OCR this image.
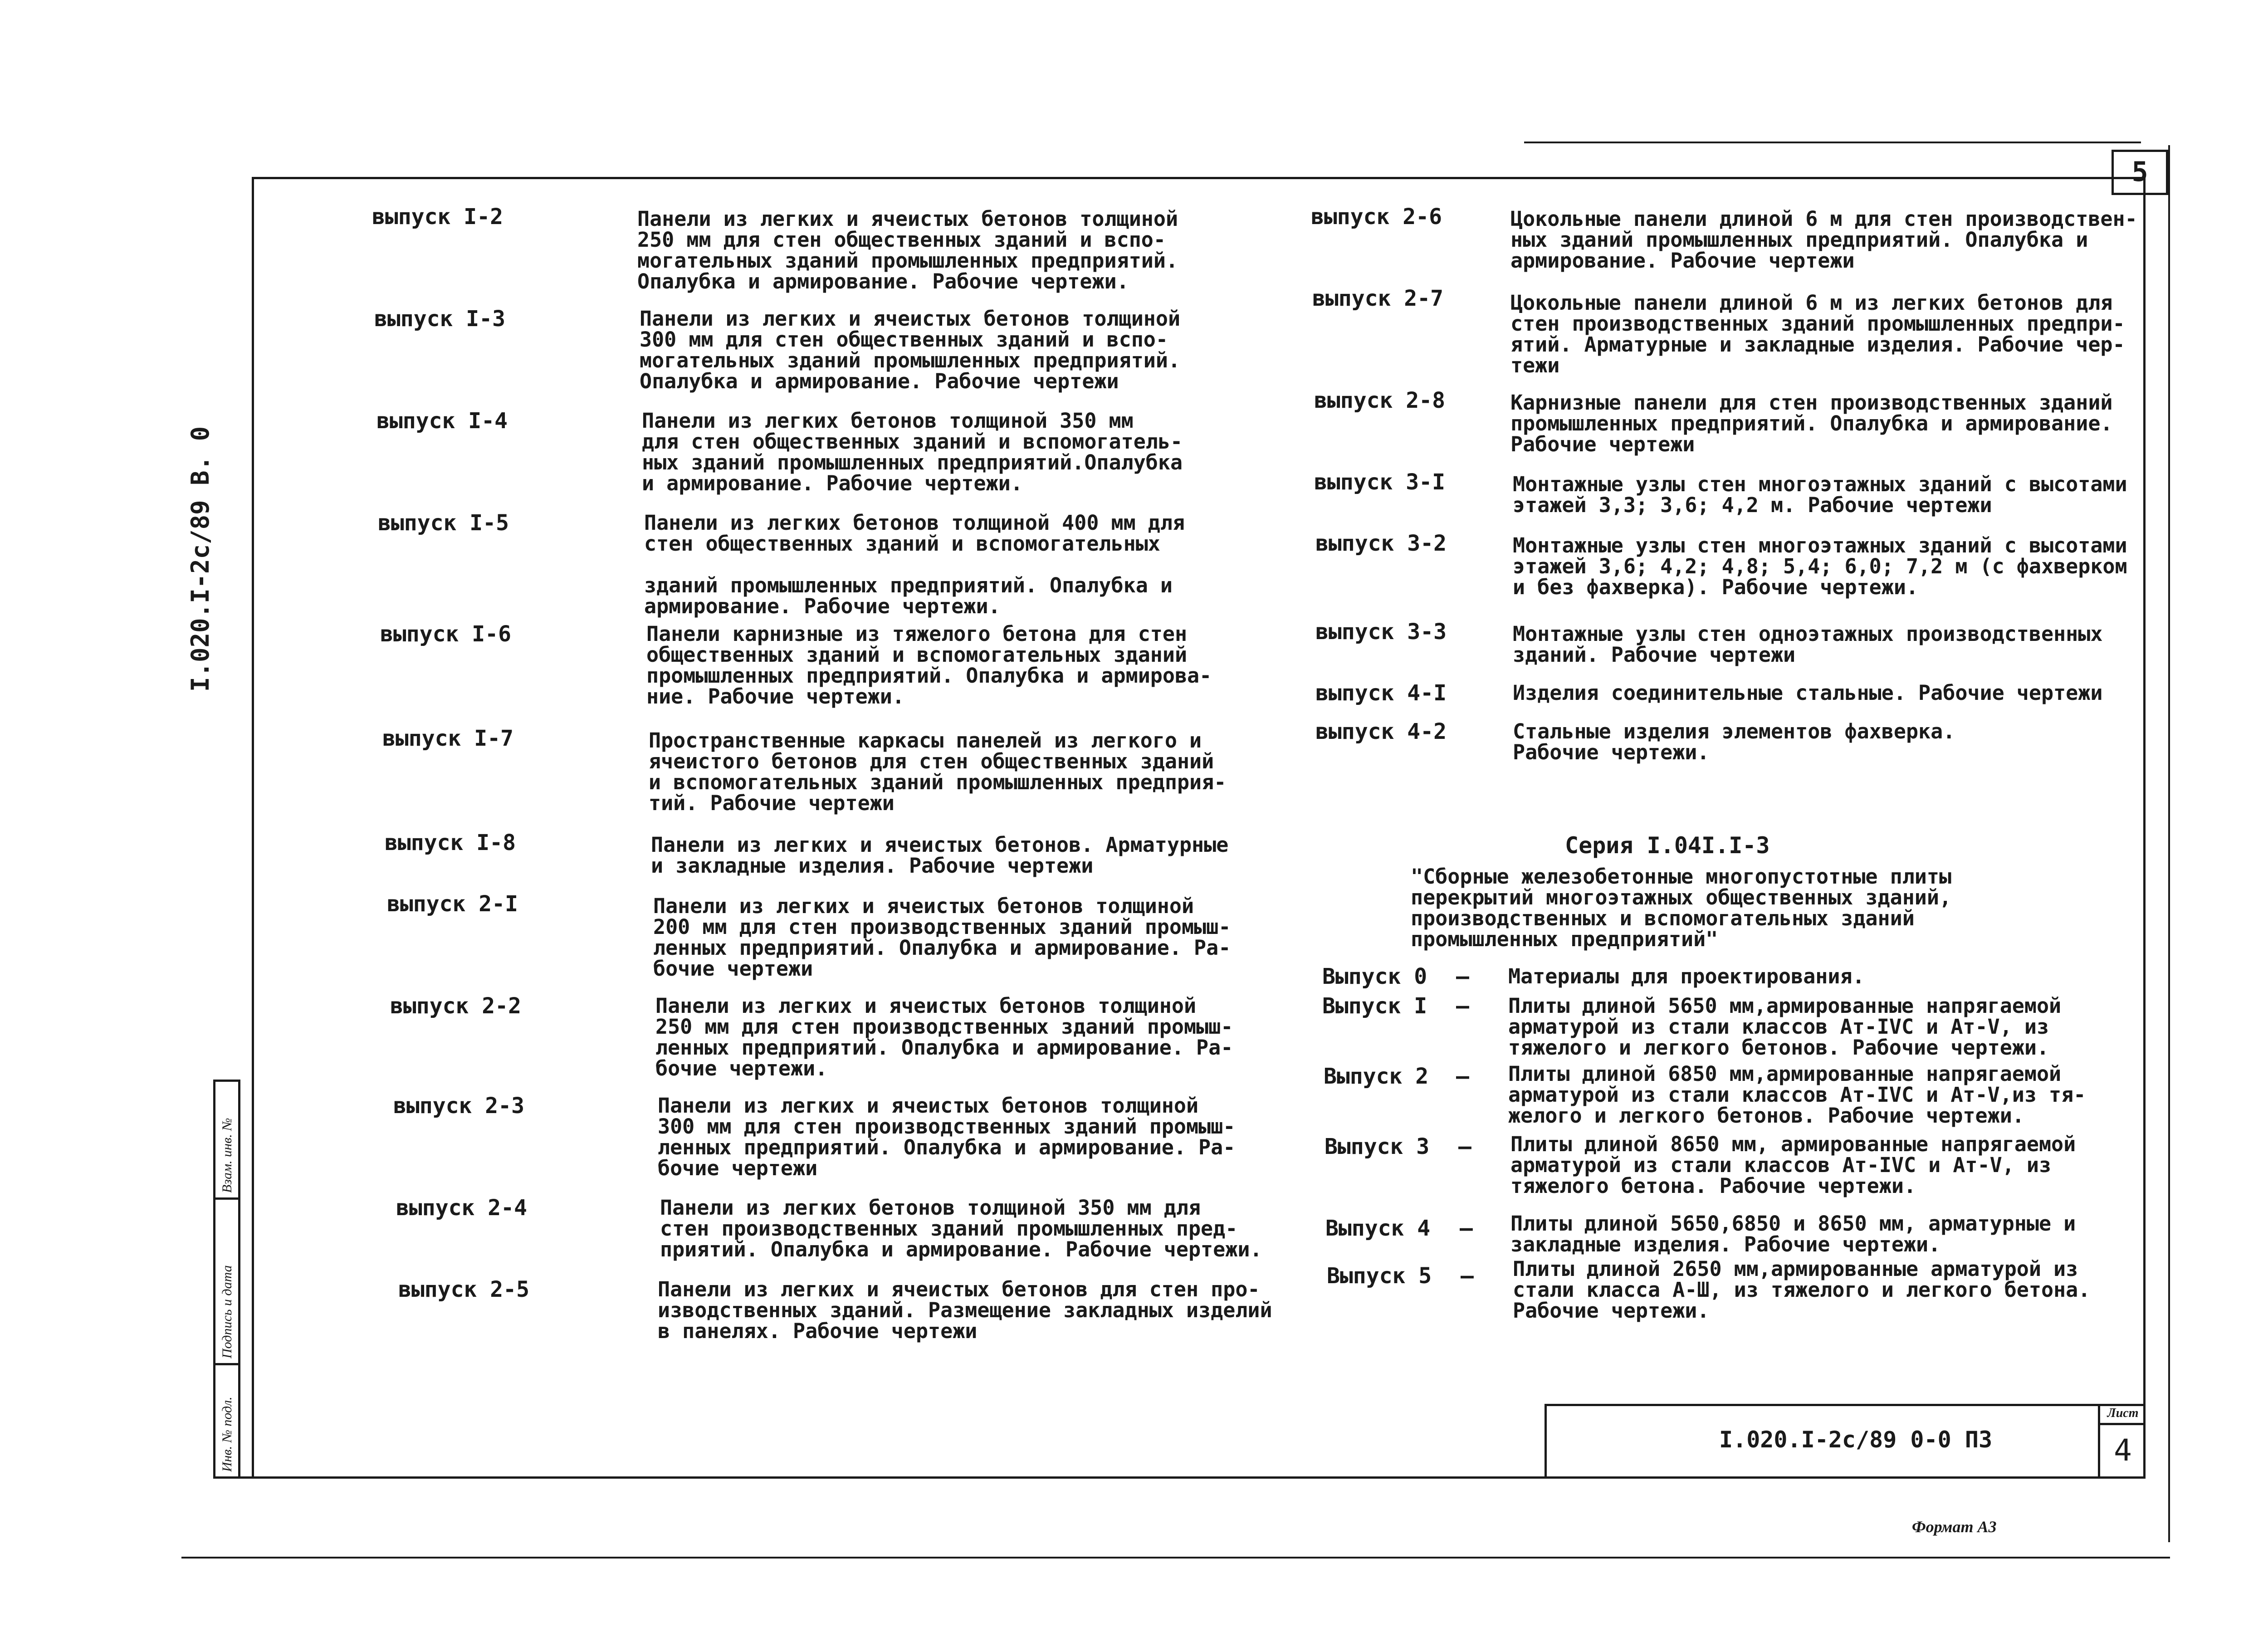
5
I.020.I-2c/89 B. 0
Инв. № подл.
Подпись и дата
Взам. инв. №
выпуск I-2	Панели из легких и ячеистых бетонов толщиной
250 мм для стен общественных зданий и вспо-
могательных зданий промышленных предприятий.
Опалубка и армирование. Рабочие чертежи.
выпуск I-3	Панели из легких и ячеистых бетонов толщиной
300 мм для стен общественных зданий и вспо-
могательных зданий промышленных предприятий.
Опалубка и армирование. Рабочие чертежи
выпуск I-4	Панели из легких бетонов толщиной 350 мм
для стен общественных зданий и вспомогатель-
ных зданий промышленных предприятий.Опалубка
и армирование. Рабочие чертежи.
выпуск I-5	Панели из легких бетонов толщиной 400 мм для
стен общественных зданий и вспомогательных

зданий промышленных предприятий. Опалубка и
армирование. Рабочие чертежи.
выпуск I-6	Панели карнизные из тяжелого бетона для стен
общественных зданий и вспомогательных зданий
промышленных предприятий. Опалубка и армирова-
ние. Рабочие чертежи.
выпуск I-7	Пространственные каркасы панелей из легкого и
ячеистого бетонов для стен общественных зданий
и вспомогательных зданий промышленных предприя-
тий. Рабочие чертежи
выпуск I-8	Панели из легких и ячеистых бетонов. Арматурные
и закладные изделия. Рабочие чертежи
выпуск 2-I	Панели из легких и ячеистых бетонов толщиной
200 мм для стен производственных зданий промыш-
ленных предприятий. Опалубка и армирование. Ра-
бочие чертежи
выпуск 2-2	Панели из легких и ячеистых бетонов толщиной
250 мм для стен производственных зданий промыш-
ленных предприятий. Опалубка и армирование. Ра-
бочие чертежи.
выпуск 2-3	Панели из легких и ячеистых бетонов толщиной
300 мм для стен производственных зданий промыш-
ленных предприятий. Опалубка и армирование. Ра-
бочие чертежи
выпуск 2-4	Панели из легких бетонов толщиной 350 мм для
стен производственных зданий промышленных пред-
приятий. Опалубка и армирование. Рабочие чертежи.
выпуск 2-5	Панели из легких и ячеистых бетонов для стен про-
изводственных зданий. Размещение закладных изделий
в панелях. Рабочие чертежи
выпуск 2-6	Цокольные панели длиной 6 м для стен производствен-
ных зданий промышленных предприятий. Опалубка и
армирование. Рабочие чертежи
выпуск 2-7	Цокольные панели длиной 6 м из легких бетонов для
стен производственных зданий промышленных предпри-
ятий. Арматурные и закладные изделия. Рабочие чер-
тежи
выпуск 2-8	Карнизные панели для стен производственных зданий
промышленных предприятий. Опалубка и армирование.
Рабочие чертежи
выпуск 3-I	Монтажные узлы стен многоэтажных зданий с высотами
этажей 3,3; 3,6; 4,2 м. Рабочие чертежи
выпуск 3-2	Монтажные узлы стен многоэтажных зданий с высотами
этажей 3,6; 4,2; 4,8; 5,4; 6,0; 7,2 м (с фахверком
и без фахверка). Рабочие чертежи.
выпуск 3-3	Монтажные узлы стен одноэтажных производственных
зданий. Рабочие чертежи
выпуск 4-I	Изделия соединительные стальные. Рабочие чертежи
выпуск 4-2	Стальные изделия элементов фахверка.
Рабочие чертежи.
Серия I.04I.I-3
"Сборные железобетонные многопустотные плиты
перекрытий многоэтажных общественных зданий,
производственных и вспомогательных зданий
промышленных предприятий"
Выпуск 0 – Материалы для проектирования.
Выпуск I – Плиты длиной 5650 мм,армированные напрягаемой
арматурой из стали классов Ат-IVС и Ат-V, из
тяжелого и легкого бетонов. Рабочие чертежи.
Выпуск 2 – Плиты длиной 6850 мм,армированные напрягаемой
арматурой из стали классов Ат-IVС и Ат-V,из тя-
желого и легкого бетонов. Рабочие чертежи.
Выпуск 3 – Плиты длиной 8650 мм, армированные напрягаемой
арматурой из стали классов Ат-IVС и Ат-V, из
тяжелого бетона. Рабочие чертежи.
Выпуск 4 – Плиты длиной 5650,6850 и 8650 мм, арматурные и
закладные изделия. Рабочие чертежи.
Выпуск 5 – Плиты длиной 2650 мм,армированные арматурой из
стали класса А-Ш, из тяжелого и легкого бетона.
Рабочие чертежи.
I.020.I-2c/89 0-0 ПЗ
Лист
4
Формат А3
